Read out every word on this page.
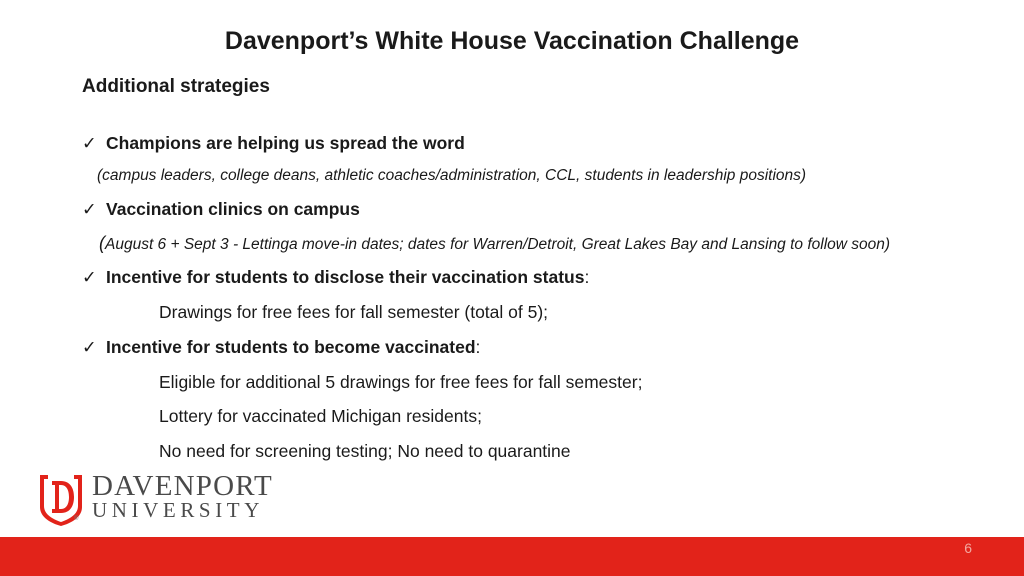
Davenport’s White House Vaccination Challenge
Additional strategies
✓ Champions are helping us spread the word
(campus leaders, college deans, athletic coaches/administration, CCL, students in leadership positions)
✓ Vaccination clinics on campus
(August 6 + Sept 3 - Lettinga move-in dates; dates for Warren/Detroit, Great Lakes Bay and Lansing to follow soon)
✓ Incentive for students to disclose their vaccination status:
Drawings for free fees for fall semester (total of 5);
✓ Incentive for students to become vaccinated:
Eligible for additional 5 drawings for free fees for fall semester;
Lottery for vaccinated Michigan residents;
No need for screening testing; No need to quarantine
DAVENPORT
UNIVERSITY
®
6
